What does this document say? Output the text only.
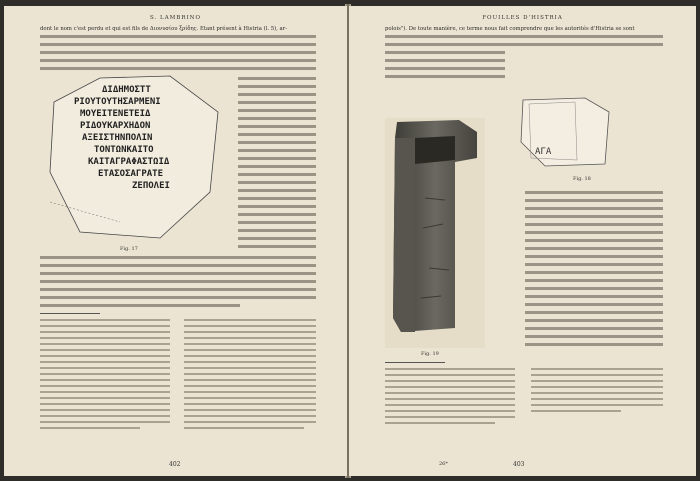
S. LAMBRINO
dont le nom c'est perdu et qui est fils de Διονυσίου ξρίδης. Etant présent à Histria (l. 5), ar-
ΔΙΔΗΜΟΣΤΤ
ΡΙΟΥΤΟΥΤΗΣΑΡΜΕΝΙ
ΜΟΥΕΙΤΕΝΕΤΕΙΔ
ΡΙΔΟΥΚΑΡΧΗΔΟΝ
ΑΞΕΙΣΤΗΝΠΟΛΙΝ
ΤΟΝΤΩΝΚΑΙΤΟ
ΚΑΙΤΑΓΡΑΦΑΣΤΩΙΔ
ΕΤΑΣΟΣΑΓΡΑΤΕ
ΖΕΠΟΛΕΙ
Fig. 17
402
FOUILLES D'HISTRIA
polois"). De toute manière, ce terme nous fait comprendre que les autorités d'Histria se sont
ΑΓΑ
Fig. 18
Fig. 19
26*	403
